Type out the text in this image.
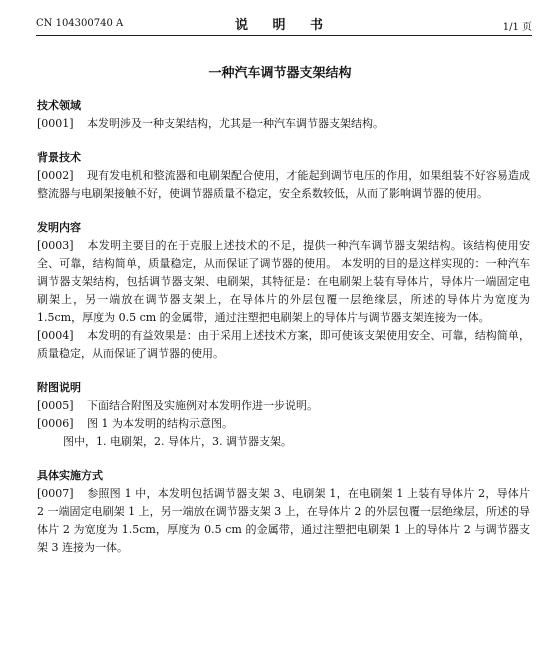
CN 104300740 A	说 明 书	1/1 页
一种汽车调节器支架结构
技术领域
[0001] 本发明涉及一种支架结构，尤其是一种汽车调节器支架结构。
背景技术
[0002] 现有发电机和整流器和电刷架配合使用，才能起到调节电压的作用，如果组装不好容易造成整流器与电刷架接触不好，使调节器质量不稳定，安全系数较低，从而了影响调节器的使用。
发明内容
[0003] 本发明主要目的在于克服上述技术的不足，提供一种汽车调节器支架结构。该结构使用安全、可靠，结构简单，质量稳定，从而保证了调节器的使用。 本发明的目的是这样实现的：一种汽车调节器支架结构，包括调节器支架、电刷架，其特征是：在电刷架上装有导体片，导体片一端固定电刷架上，另一端放在调节器支架上，在导体片的外层包覆一层绝缘层，所述的导体片为宽度为 1.5cm，厚度为 0.5 cm 的金属带，通过注塑把电刷架上的导体片与调节器支架连接为一体。
[0004] 本发明的有益效果是：由于采用上述技术方案，即可使该支架使用安全、可靠，结构简单，质量稳定，从而保证了调节器的使用。
附图说明
[0005] 下面结合附图及实施例对本发明作进一步说明。
[0006] 图 1 为本发明的结构示意图。
图中，1. 电刷架，2. 导体片，3. 调节器支架。
具体实施方式
[0007] 参照图 1 中，本发明包括调节器支架 3、电刷架 1，在电刷架 1 上装有导体片 2，导体片 2 一端固定电刷架 1 上，另一端放在调节器支架 3 上，在导体片 2 的外层包覆一层绝缘层，所述的导体片 2 为宽度为 1.5cm，厚度为 0.5 cm 的金属带，通过注塑把电刷架 1 上的导体片 2 与调节器支架 3 连接为一体。
